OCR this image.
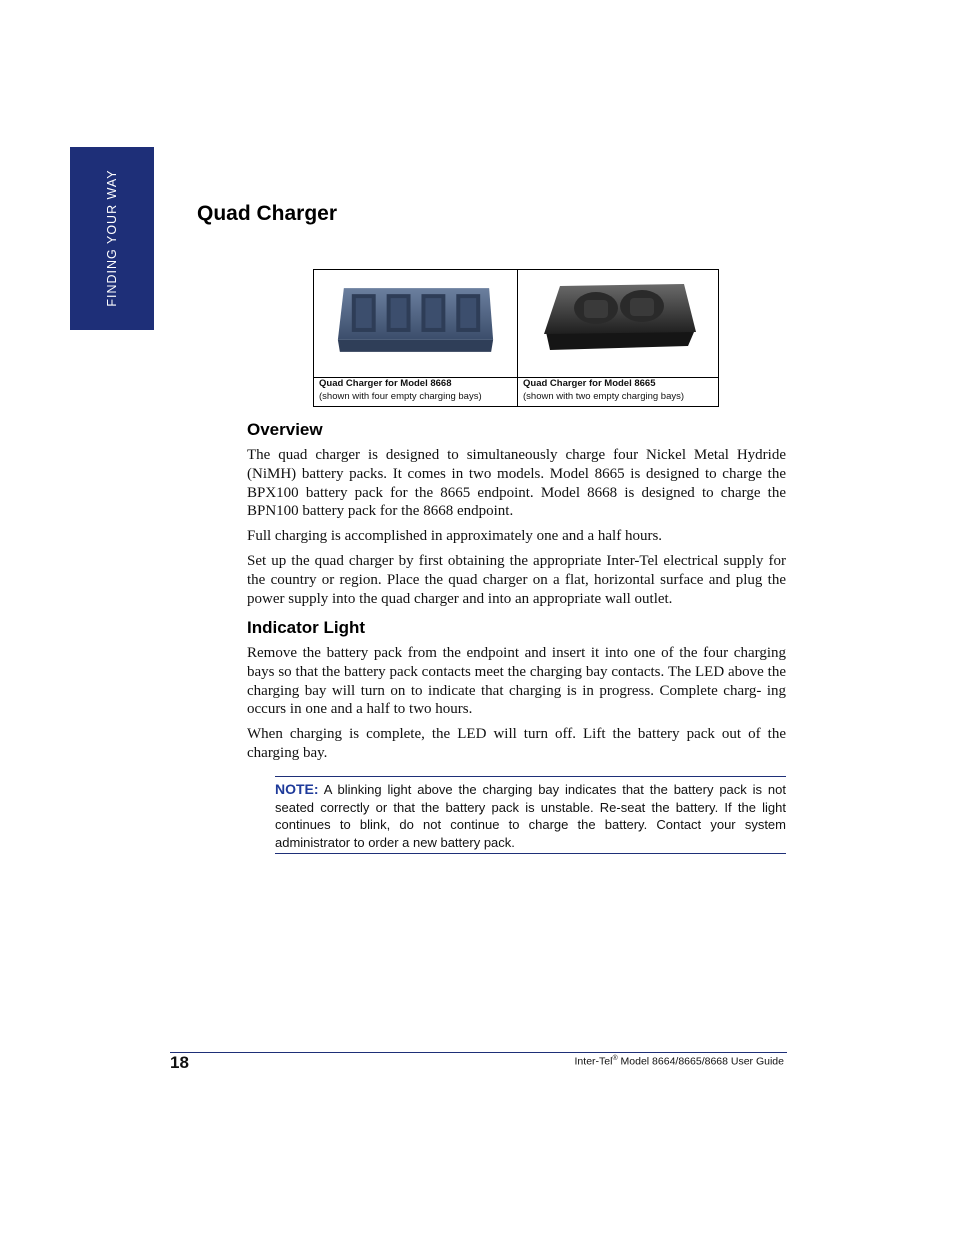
FINDING YOUR WAY	Quad Charger
Quad Charger for Model 8668
(shown with four empty charging bays)
Quad Charger for Model 8665
(shown with two empty charging bays)
Overview

The quad charger is designed to simultaneously charge four Nickel Metal Hydride (NiMH) battery packs. It comes in two models. Model 8665 is designed to charge the BPX100 battery pack for the 8665 endpoint. Model 8668 is designed to charge the BPN100 battery pack for the 8668 endpoint.

Full charging is accomplished in approximately one and a half hours.

Set up the quad charger by first obtaining the appropriate Inter-Tel electrical supply for the country or region. Place the quad charger on a flat, horizontal surface and plug the power supply into the quad charger and into an appropriate wall outlet.

Indicator Light

Remove the battery pack from the endpoint and insert it into one of the four charging bays so that the battery pack contacts meet the charging bay contacts. The LED above the charging bay will turn on to indicate that charging is in progress. Complete charg- ing occurs in one and a half to two hours.

When charging is complete, the LED will turn off. Lift the battery pack out of the charging bay.

NOTE: A blinking light above the charging bay indicates that the battery pack is not seated correctly or that the battery pack is unstable. Re-seat the battery. If the light continues to blink, do not continue to charge the battery. Contact your system administrator to order a new battery pack.
18	Inter-Tel® Model 8664/8665/8668 User Guide
